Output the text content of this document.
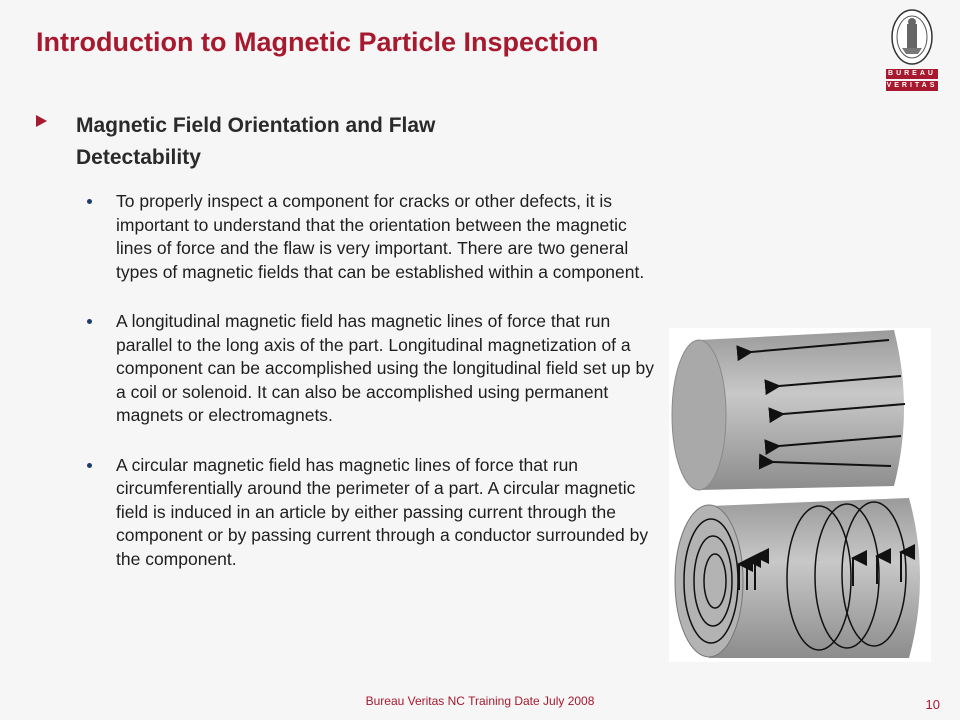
Introduction to Magnetic Particle Inspection
BUREAU
VERITAS
Magnetic Field Orientation and Flaw Detectability
To properly inspect a component for cracks or other defects, it is important to understand that the orientation between the magnetic lines of force and the flaw is very important. There are two general types of magnetic fields that can be established within a component.
A longitudinal magnetic field has magnetic lines of force that run parallel to the long axis of the part. Longitudinal magnetization of a component can be accomplished using the longitudinal field set up by a coil or solenoid. It can also be accomplished using permanent magnets or electromagnets.
A circular magnetic field has magnetic lines of force that run circumferentially around the perimeter of a part. A circular magnetic field is induced in an article by either passing current through the component or by passing current through a conductor surrounded by the component.
Bureau Veritas NC Training Date July 2008	10
